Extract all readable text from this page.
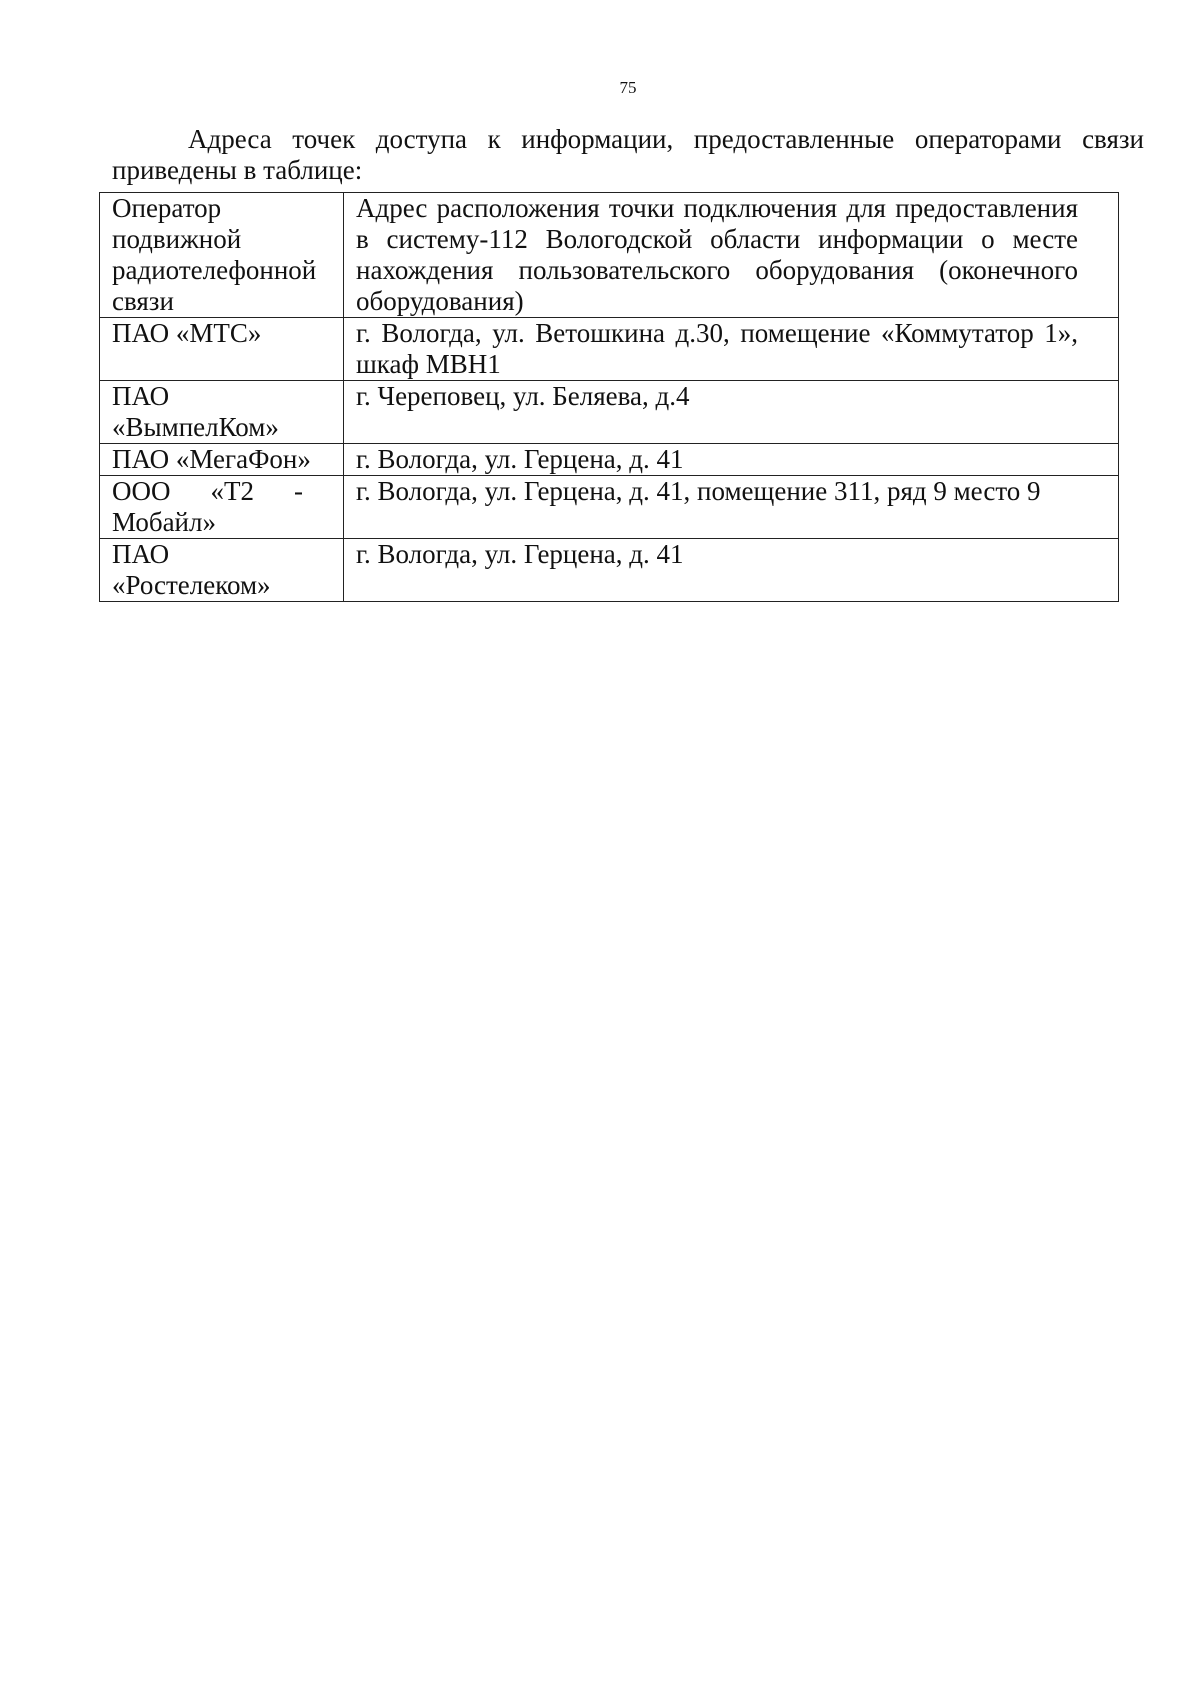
75

Адреса точек доступа к информации, предоставленные операторами связи приведены в таблице:

Оператор подвижной радиотелефонной связи	Адрес расположения точки подключения для предоставления в систему-112 Вологодской области информации о месте нахождения пользовательского оборудования (оконечного оборудования)
ПАО «МТС»	г. Вологда, ул. Ветошкина д.30, помещение «Коммутатор 1», шкаф МВН1
ПАО «ВымпелКом»	г. Череповец, ул. Беляева, д.4
ПАО «МегаФон»	г. Вологда, ул. Герцена, д. 41
ООО «Т2 - Мобайл»	г. Вологда, ул. Герцена, д. 41, помещение 311, ряд 9 место 9
ПАО «Ростелеком»	г. Вологда, ул. Герцена, д. 41
